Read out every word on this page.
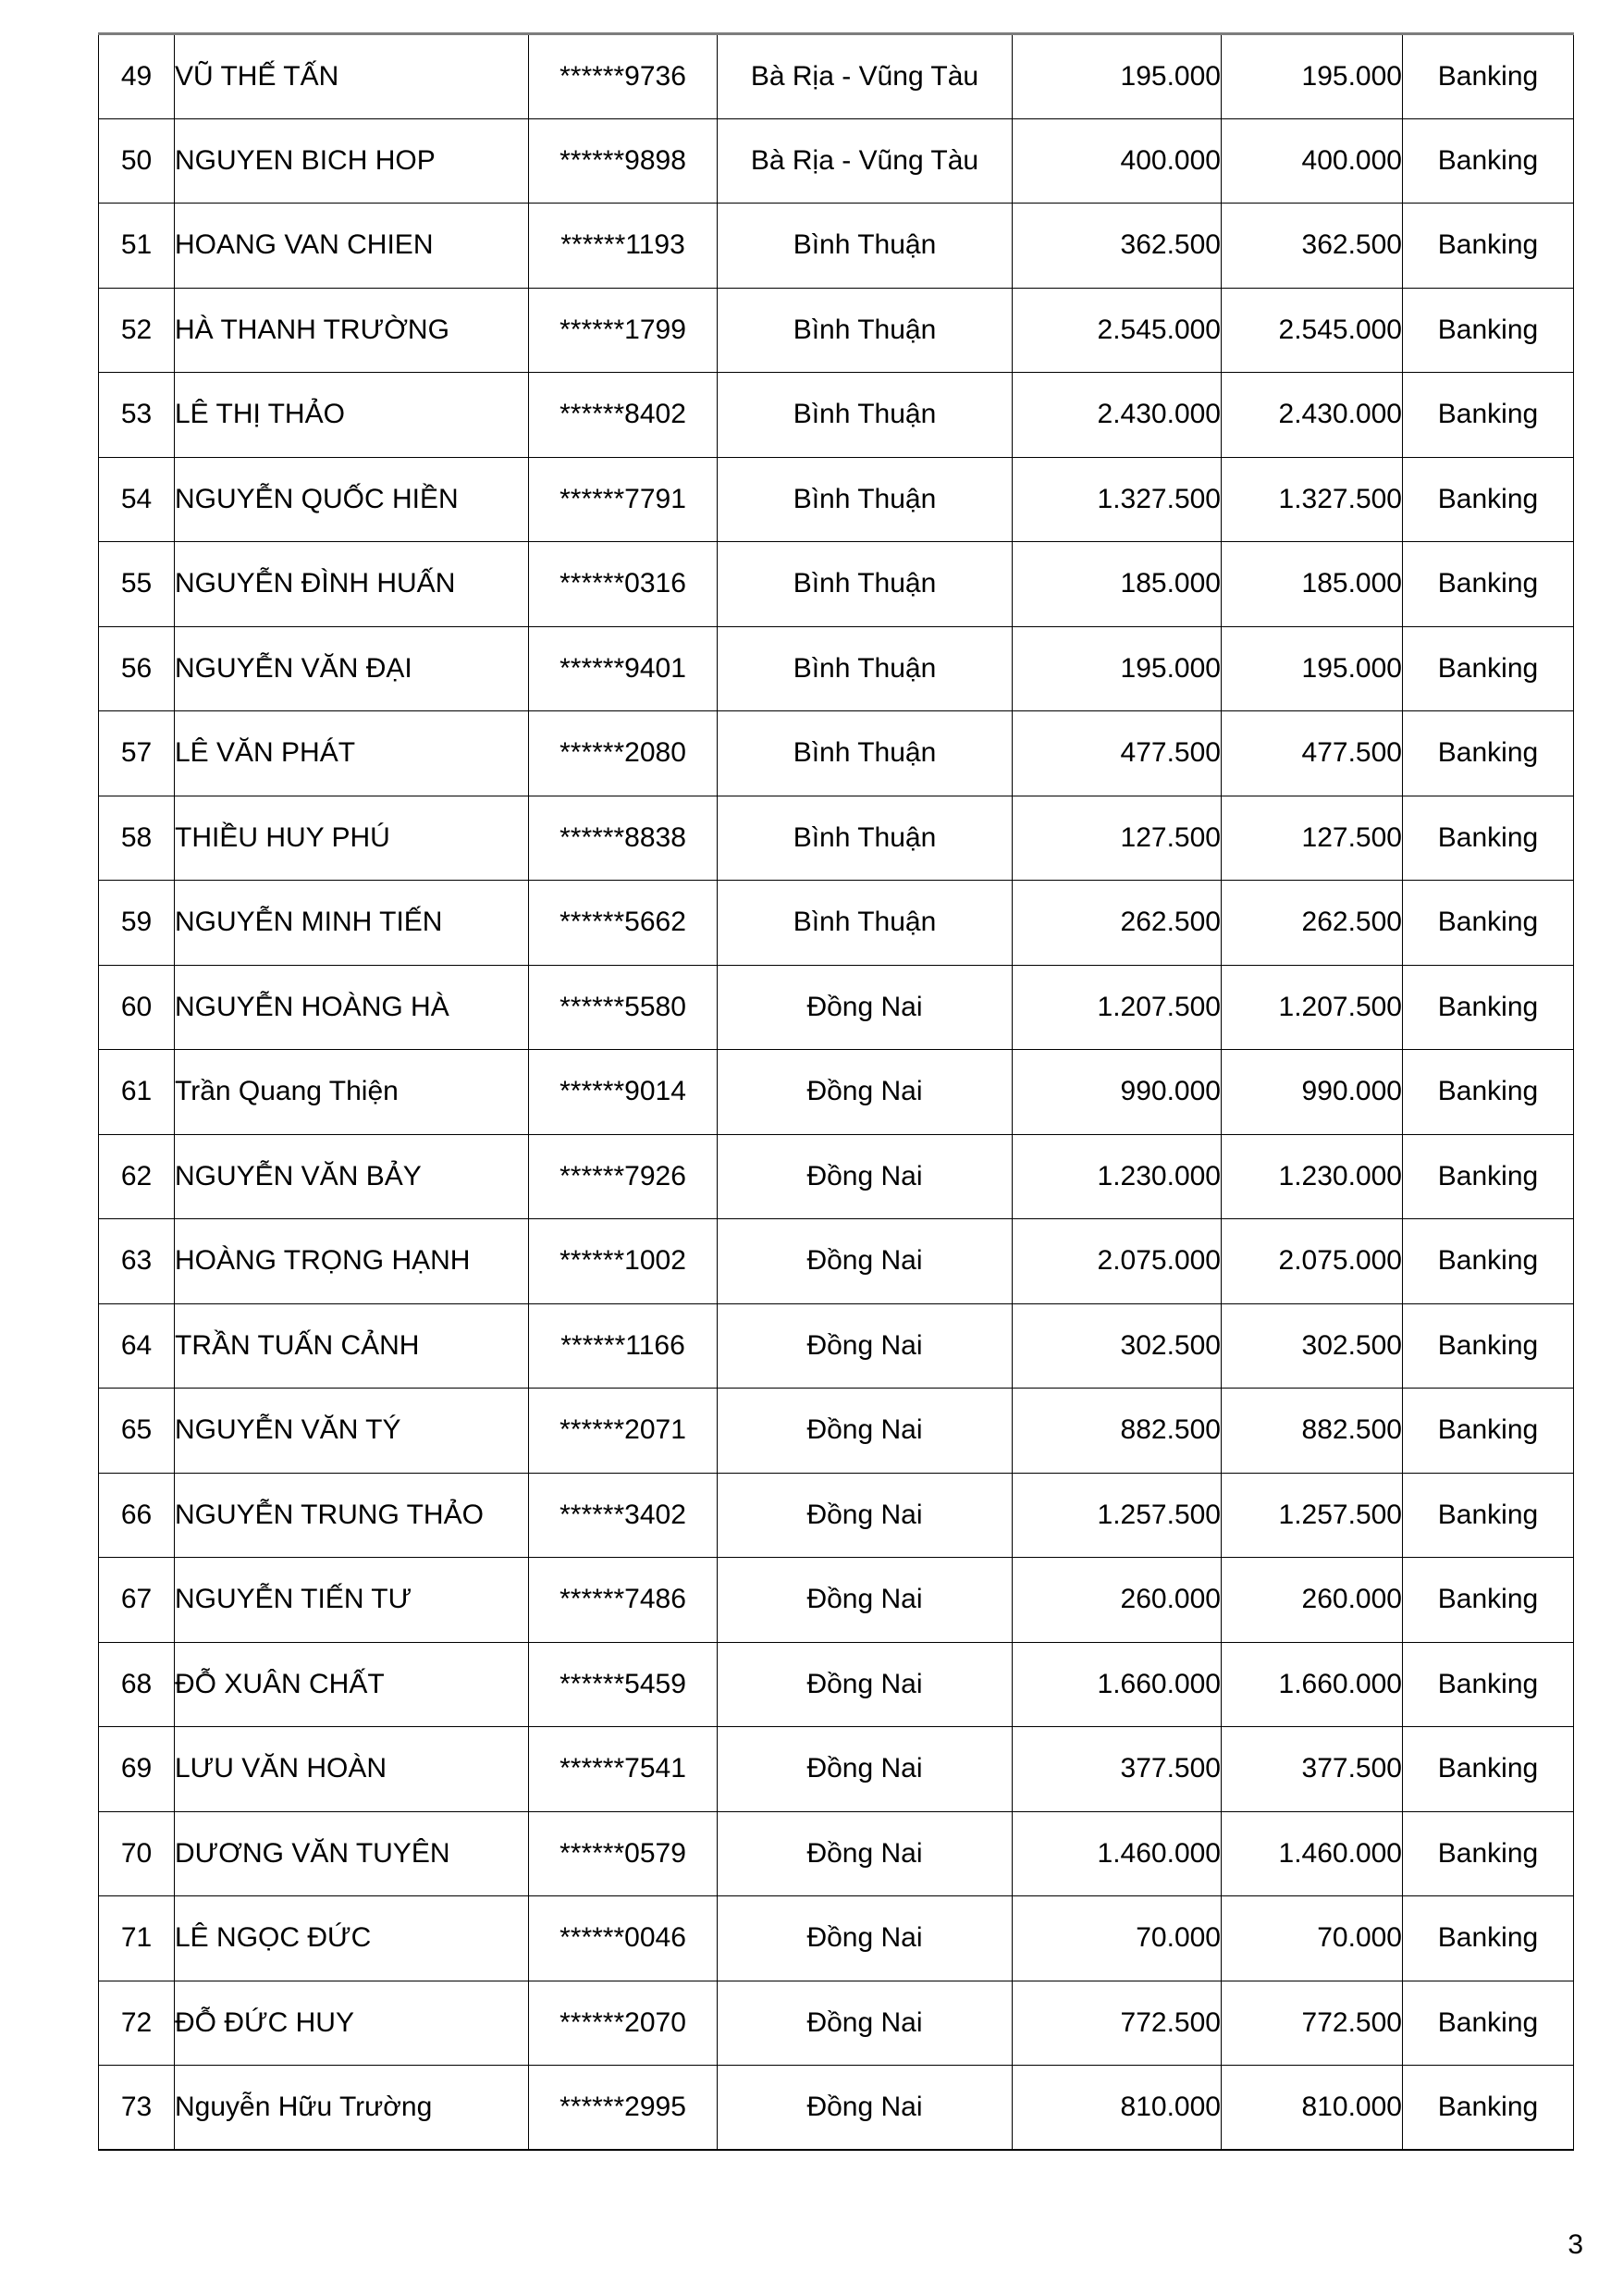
49	VŨ THẾ TẤN	******9736	Bà Rịa - Vũng Tàu	195.000	195.000	Banking
50	NGUYEN BICH HOP	******9898	Bà Rịa - Vũng Tàu	400.000	400.000	Banking
51	HOANG VAN CHIEN	******1193	Bình Thuận	362.500	362.500	Banking
52	HÀ THANH TRƯỜNG	******1799	Bình Thuận	2.545.000	2.545.000	Banking
53	LÊ THỊ THẢO	******8402	Bình Thuận	2.430.000	2.430.000	Banking
54	NGUYỄN QUỐC HIỀN	******7791	Bình Thuận	1.327.500	1.327.500	Banking
55	NGUYỄN ĐÌNH HUẤN	******0316	Bình Thuận	185.000	185.000	Banking
56	NGUYỄN VĂN ĐẠI	******9401	Bình Thuận	195.000	195.000	Banking
57	LÊ VĂN PHÁT	******2080	Bình Thuận	477.500	477.500	Banking
58	THIỀU HUY PHÚ	******8838	Bình Thuận	127.500	127.500	Banking
59	NGUYỄN MINH TIẾN	******5662	Bình Thuận	262.500	262.500	Banking
60	NGUYỄN HOÀNG HÀ	******5580	Đồng Nai	1.207.500	1.207.500	Banking
61	Trần Quang Thiện	******9014	Đồng Nai	990.000	990.000	Banking
62	NGUYỄN VĂN BẢY	******7926	Đồng Nai	1.230.000	1.230.000	Banking
63	HOÀNG TRỌNG HẠNH	******1002	Đồng Nai	2.075.000	2.075.000	Banking
64	TRẦN TUẤN CẢNH	******1166	Đồng Nai	302.500	302.500	Banking
65	NGUYỄN VĂN TÝ	******2071	Đồng Nai	882.500	882.500	Banking
66	NGUYỄN TRUNG THẢO	******3402	Đồng Nai	1.257.500	1.257.500	Banking
67	NGUYỄN TIẾN TƯ	******7486	Đồng Nai	260.000	260.000	Banking
68	ĐỖ XUÂN CHẤT	******5459	Đồng Nai	1.660.000	1.660.000	Banking
69	LƯU VĂN HOÀN	******7541	Đồng Nai	377.500	377.500	Banking
70	DƯƠNG VĂN TUYÊN	******0579	Đồng Nai	1.460.000	1.460.000	Banking
71	LÊ NGỌC ĐỨC	******0046	Đồng Nai	70.000	70.000	Banking
72	ĐỖ ĐỨC HUY	******2070	Đồng Nai	772.500	772.500	Banking
73	Nguyễn Hữu Trường	******2995	Đồng Nai	810.000	810.000	Banking
3
